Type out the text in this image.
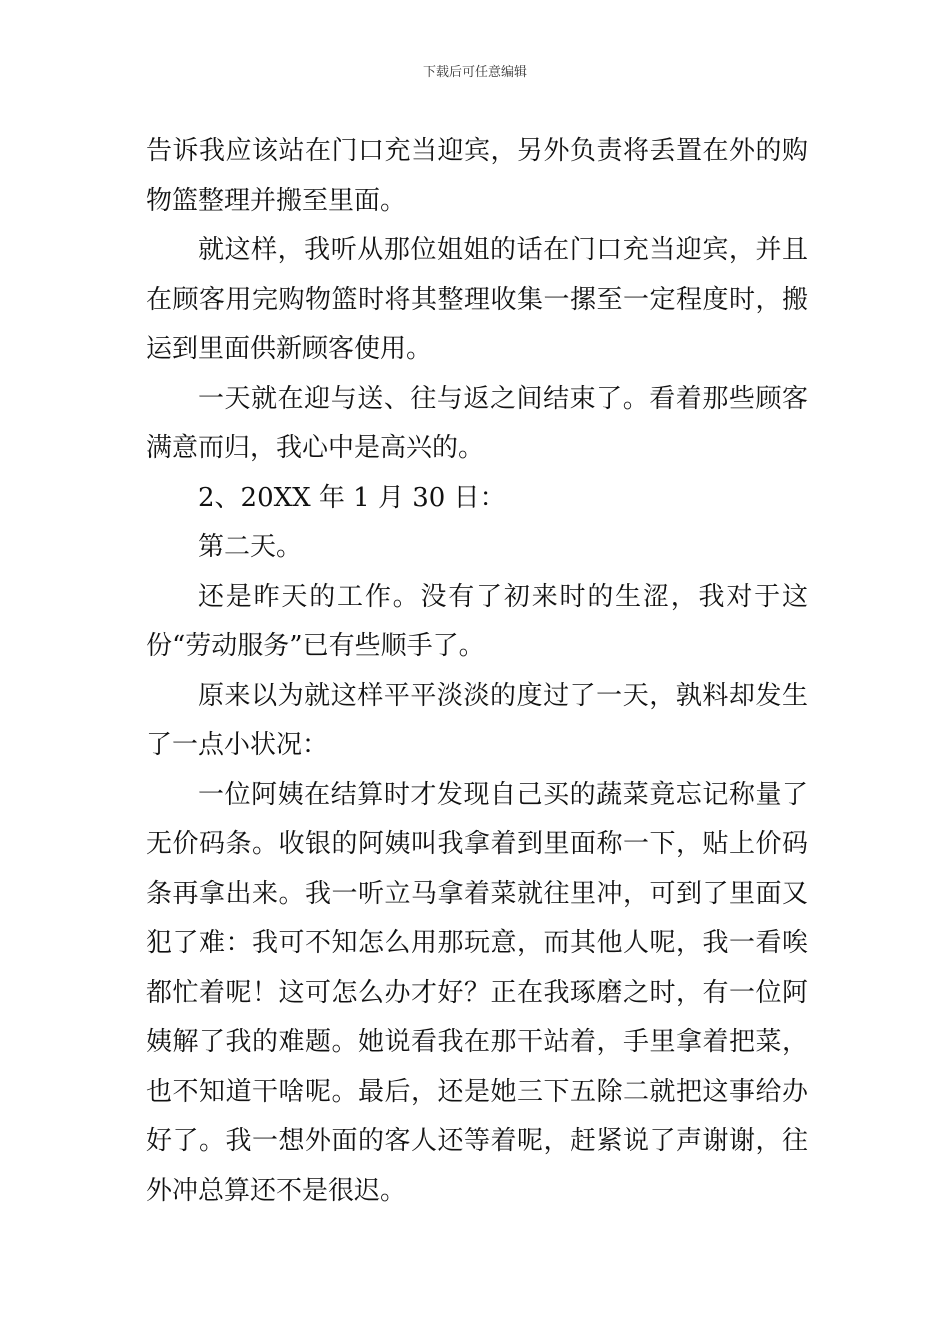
下载后可任意编辑

告诉我应该站在门口充当迎宾，另外负责将丢置在外的购物篮整理并搬至里面。

就这样，我听从那位姐姐的话在门口充当迎宾，并且在顾客用完购物篮时将其整理收集一摞至一定程度时，搬运到里面供新顾客使用。

一天就在迎与送、往与返之间结束了。看着那些顾客满意而归，我心中是高兴的。

2、20XX 年 1 月 30 日：

第二天。

还是昨天的工作。没有了初来时的生涩，我对于这份“劳动服务”已有些顺手了。

原来以为就这样平平淡淡的度过了一天，孰料却发生了一点小状况：

一位阿姨在结算时才发现自己买的蔬菜竟忘记称量了无价码条。收银的阿姨叫我拿着到里面称一下，贴上价码条再拿出来。我一听立马拿着菜就往里冲，可到了里面又犯了难：我可不知怎么用那玩意，而其他人呢，我一看唉都忙着呢！这可怎么办才好？正在我琢磨之时，有一位阿姨解了我的难题。她说看我在那干站着，手里拿着把菜，也不知道干啥呢。最后，还是她三下五除二就把这事给办好了。我一想外面的客人还等着呢，赶紧说了声谢谢，往外冲总算还不是很迟。
